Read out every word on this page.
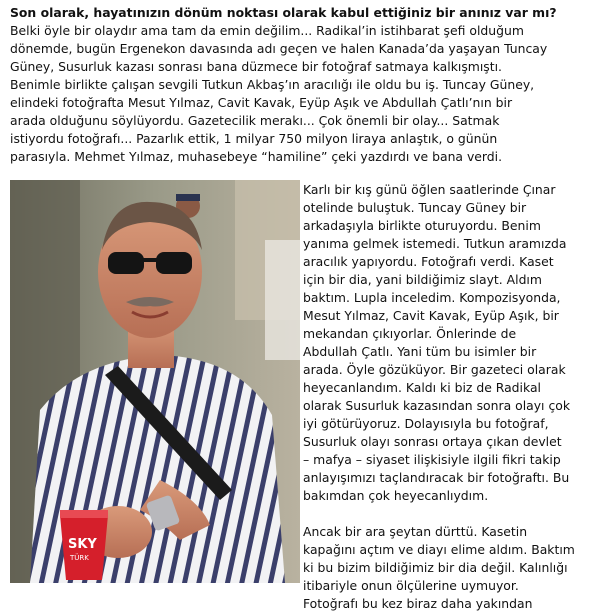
Son olarak, hayatınızın dönüm noktası olarak kabul ettiğiniz bir anınız var mı?

Belki öyle bir olaydır ama tam da emin değilim... Radikal’in istihbarat şefi olduğum
dönemde, bugün Ergenekon davasında adı geçen ve halen Kanada’da yaşayan Tuncay
Güney, Susurluk kazası sonrası bana düzmece bir fotoğraf satmaya kalkışmıştı.
Benimle birlikte çalışan sevgili Tutkun Akbaş’ın aracılığı ile oldu bu iş. Tuncay Güney,
elindeki fotoğrafta Mesut Yılmaz, Cavit Kavak, Eyüp Aşık ve Abdullah Çatlı’nın bir
arada olduğunu söylüyordu. Gazetecilik merakı... Çok önemli bir olay... Satmak
istiyordu fotoğrafı... Pazarlık ettik, 1 milyar 750 milyon liraya anlaştık, o günün
parasıyla. Mehmet Yılmaz, muhasebeye “hamiline” çeki yazdırdı ve bana verdi.

SKY
TÜRK

Karlı bir kış günü öğlen saatlerinde Çınar
otelinde buluştuk. Tuncay Güney bir
arkadaşıyla birlikte oturuyordu. Benim
yanıma gelmek istemedi. Tutkun aramızda
aracılık yapıyordu. Fotoğrafı verdi. Kaset
için bir dia, yani bildiğimiz slayt. Aldım
baktım. Lupla inceledim. Kompozisyonda,
Mesut Yılmaz, Cavit Kavak, Eyüp Aşık, bir
mekandan çıkıyorlar. Önlerinde de
Abdullah Çatlı. Yani tüm bu isimler bir
arada. Öyle gözüküyor. Bir gazeteci olarak
heyecanlandım. Kaldı ki biz de Radikal
olarak Susurluk kazasından sonra olayı çok
iyi götürüyoruz. Dolayısıyla bu fotoğraf,
Susurluk olayı sonrası ortaya çıkan devlet
– mafya – siyaset ilişkisiyle ilgili fikri takip
anlayışımızı taçlandıracak bir fotoğraftı. Bu
bakımdan çok heyecanlıydım.

Ancak bir ara şeytan dürttü. Kasetin
kapağını açtım ve diayı elime aldım. Baktım
ki bu bizim bildiğimiz bir dia değil. Kalınlığı
itibariyle onun ölçülerine uymuyor.
Fotoğrafı bu kez biraz daha yakından
